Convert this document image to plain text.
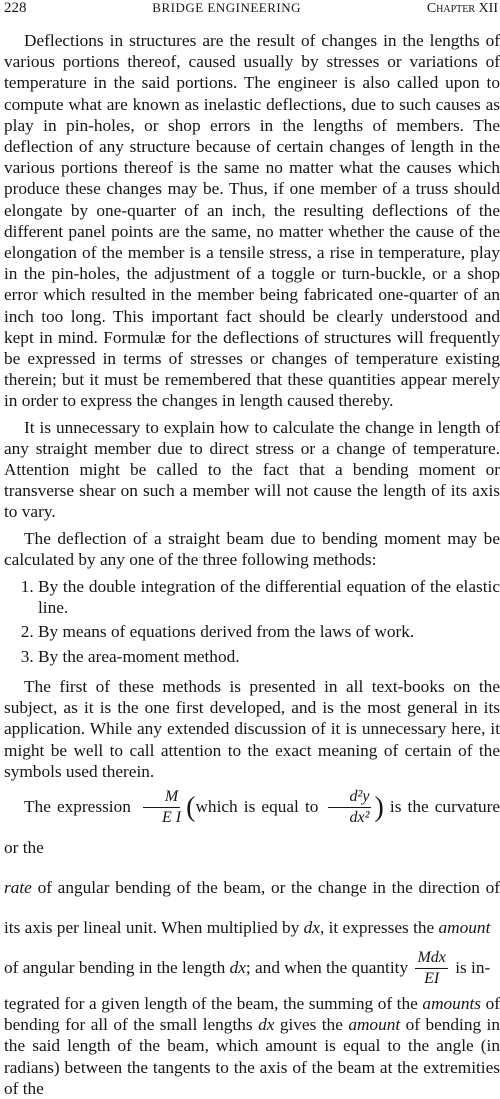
228	BRIDGE ENGINEERING	Chapter XII

Deflections in structures are the result of changes in the lengths of various portions thereof, caused usually by stresses or variations of temperature in the said portions. The engineer is also called upon to compute what are known as inelastic deflections, due to such causes as play in pin-holes, or shop errors in the lengths of members. The deflection of any structure because of certain changes of length in the various portions thereof is the same no matter what the causes which produce these changes may be. Thus, if one member of a truss should elongate by one-quarter of an inch, the resulting deflections of the different panel points are the same, no matter whether the cause of the elongation of the member is a tensile stress, a rise in temperature, play in the pin-holes, the adjustment of a toggle or turn-buckle, or a shop error which resulted in the member being fabricated one-quarter of an inch too long. This important fact should be clearly understood and kept in mind. Formulæ for the deflections of structures will frequently be expressed in terms of stresses or changes of temperature existing therein; but it must be remembered that these quantities appear merely in order to express the changes in length caused thereby.

It is unnecessary to explain how to calculate the change in length of any straight member due to direct stress or a change of temperature. Attention might be called to the fact that a bending moment or transverse shear on such a member will not cause the length of its axis to vary.

The deflection of a straight beam due to bending moment may be calculated by any one of the three following methods:

1. By the double integration of the differential equation of the elastic line.
2. By means of equations derived from the laws of work.
3. By the area-moment method.

The first of these methods is presented in all text-books on the subject, as it is the one first developed, and is the most general in its application. While any extended discussion of it is unnecessary here, it might be well to call attention to the exact meaning of certain of the symbols used therein.

The expression $\frac{M}{\text{E I}}$ (which is equal to $\frac{\text{d²y}}{\text{dx²}}$ ) is the curvature or the
rate of angular bending of the beam, or the change in the direction of its axis per lineal unit. When multiplied by dx, it expresses the amount
of angular bending in the length dx; and when the quantity $\frac{\text{Mdx}}{EI}$ is in-

tegrated for a given length of the beam, the summing of the amounts of bending for all of the small lengths dx gives the amount of bending in the said length of the beam, which amount is equal to the angle (in radians) between the tangents to the axis of the beam at the extremities of the
